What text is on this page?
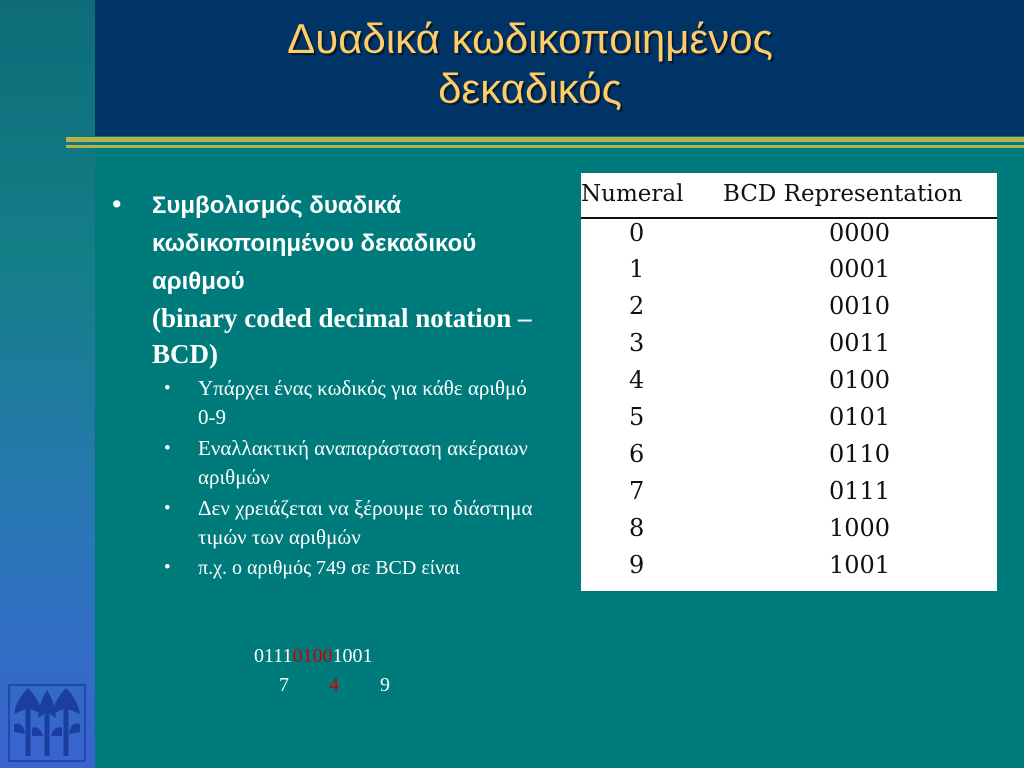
Δυαδικά κωδικοποιημένος
δεκαδικός
• Συμβολισμός δυαδικά κωδικοποιημένου δεκαδικού αριθμού
(binary coded decimal notation – BCD)
• Υπάρχει ένας κωδικός για κάθε αριθμό 0-9
• Εναλλακτική αναπαράσταση ακέραιων αριθμών
• Δεν χρειάζεται να ξέρουμε το διάστημα τιμών των αριθμών
• π.χ. ο αριθμός 749 σε BCD είναι
011101001001
7 4 9
Numeral BCD Representation
0	0000
1	0001
2	0010
3	0011
4	0100
5	0101
6	0110
7	0111
8	1000
9	1001
